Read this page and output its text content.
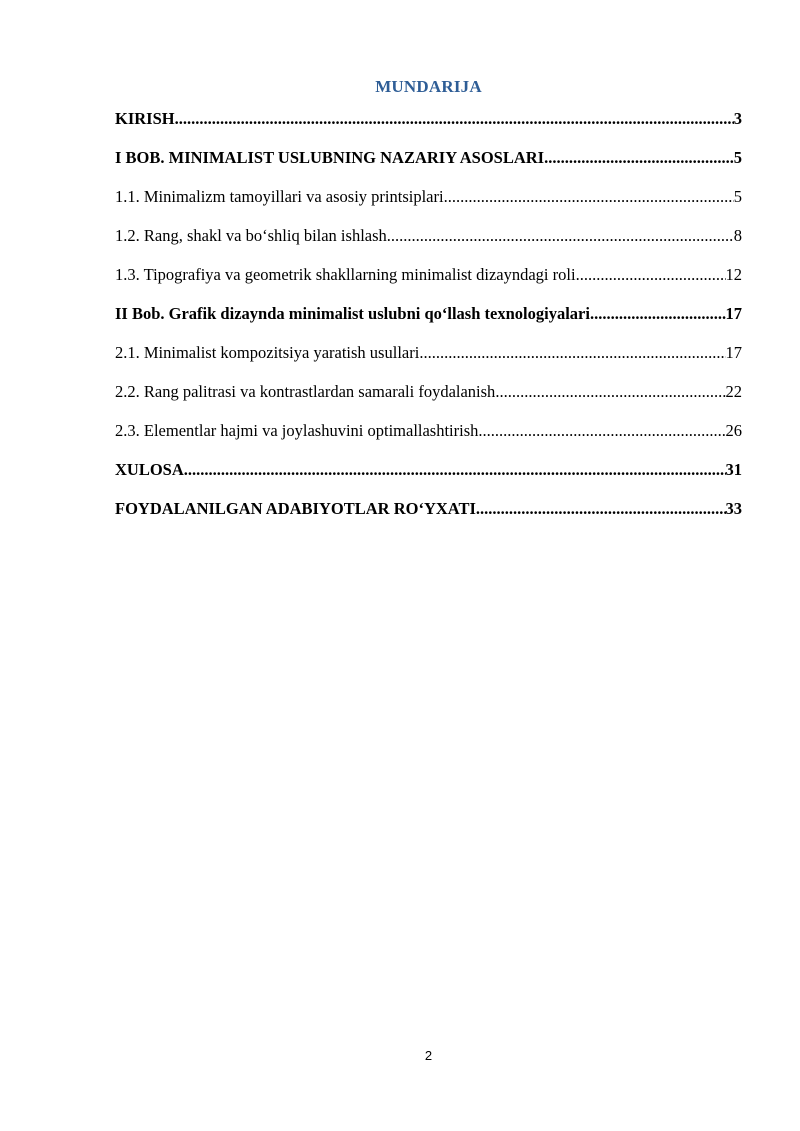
MUNDARIJA
KIRISH .....	3
I BOB. MINIMALIST USLUBNING NAZARIY ASOSLARI .....	5
1.1. Minimalizm tamoyillari va asosiy printsiplari .....	5
1.2. Rang, shakl va bo‘shliq bilan ishlash .....	8
1.3. Tipografiya va geometrik shakllarning minimalist dizayndagi roli .....	12
II Bob. Grafik dizaynda minimalist uslubni qo‘llash texnologiyalari .....	17
2.1. Minimalist kompozitsiya yaratish usullari .....	17
2.2. Rang palitrasi va kontrastlardan samarali foydalanish .....	22
2.3. Elementlar hajmi va joylashuvini optimallashtirish .....	26
XULOSA .....	31
FOYDALANILGAN ADABIYOTLAR RO‘YXATI .....	33
2
